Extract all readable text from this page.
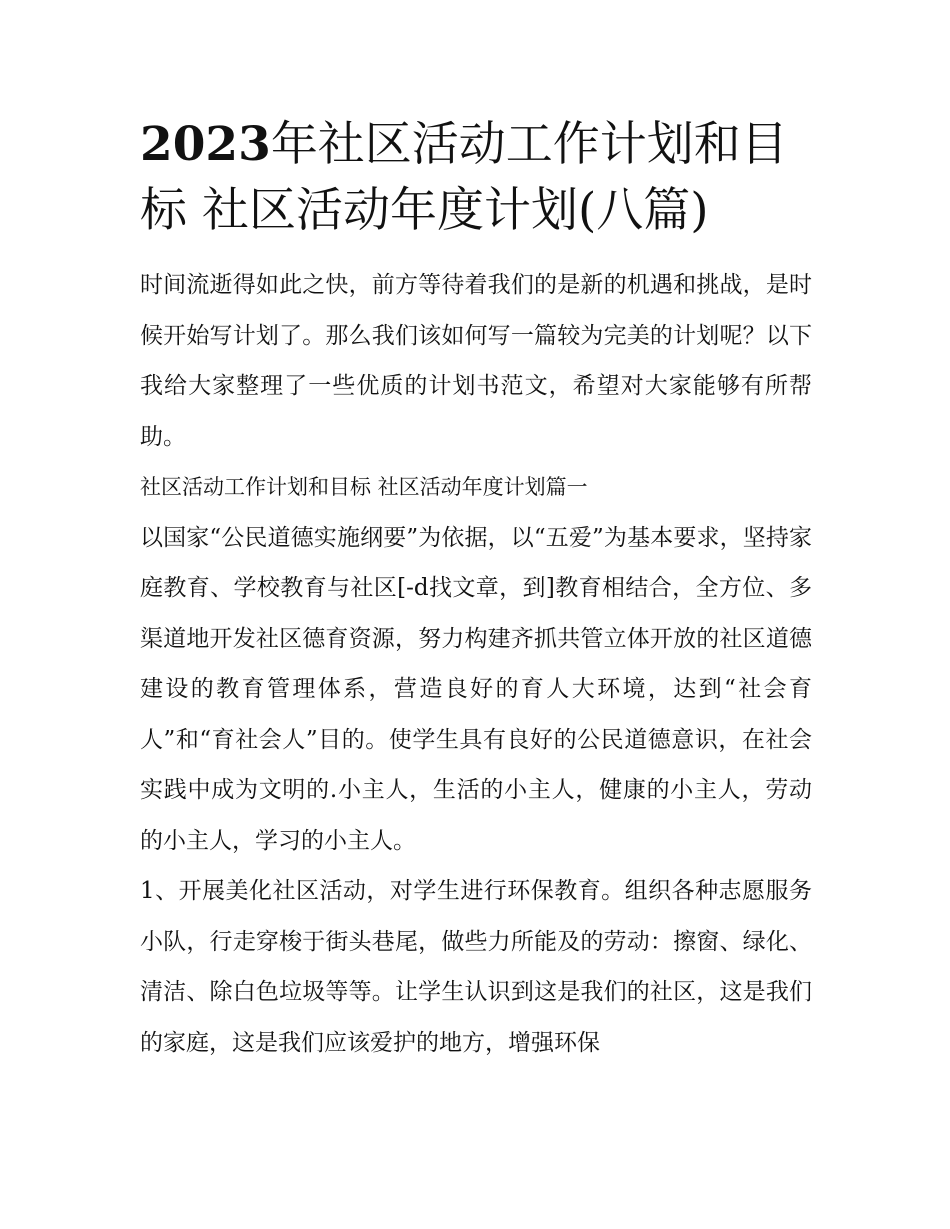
2023年社区活动工作计划和目标 社区活动年度计划(八篇)

时间流逝得如此之快，前方等待着我们的是新的机遇和挑战，是时候开始写计划了。那么我们该如何写一篇较为完美的计划呢？以下我给大家整理了一些优质的计划书范文，希望对大家能够有所帮助。

社区活动工作计划和目标 社区活动年度计划篇一

以国家“公民道德实施纲要”为依据，以“五爱”为基本要求，坚持家庭教育、学校教育与社区[-d找文章，到]教育相结合，全方位、多渠道地开发社区德育资源，努力构建齐抓共管立体开放的社区道德建设的教育管理体系，营造良好的育人大环境，达到“社会育人”和“育社会人”目的。使学生具有良好的公民道德意识，在社会实践中成为文明的.小主人，生活的小主人，健康的小主人，劳动的小主人，学习的小主人。

1、开展美化社区活动，对学生进行环保教育。组织各种志愿服务小队，行走穿梭于街头巷尾，做些力所能及的劳动：擦窗、绿化、清洁、除白色垃圾等等。让学生认识到这是我们的社区，这是我们的家庭，这是我们应该爱护的地方，增强环保
